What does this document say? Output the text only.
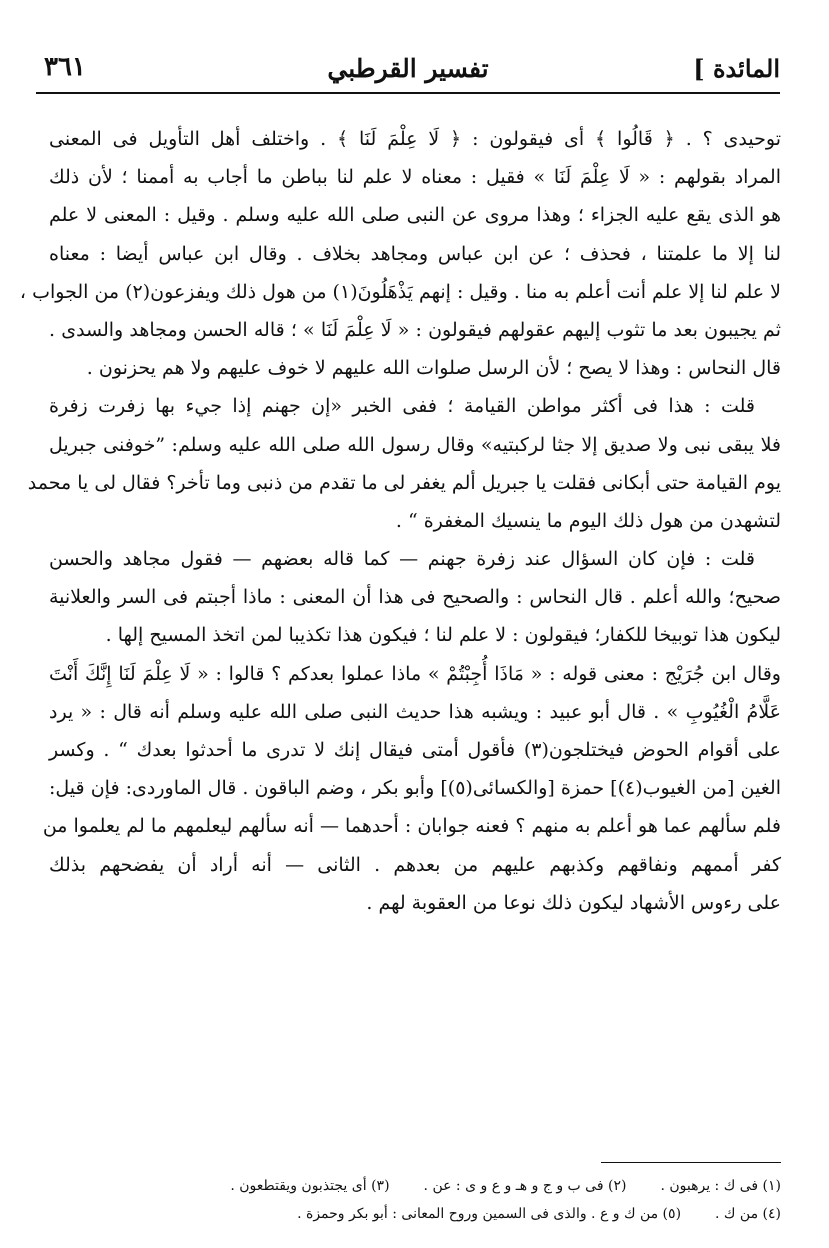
المائدة ]
تفسير القرطبي
٣٦١
توحيدى ؟ . ﴿ قَالُوا ﴾ أى فيقولون : ﴿ لَا عِلْمَ لَنَا ﴾ . واختلف أهل التأويل فى المعنى
المراد بقولهم : « لَا عِلْمَ لَنَا » فقيل : معناه لا علم لنا بباطن ما أجاب به أممنا ؛ لأن ذلك
هو الذى يقع عليه الجزاء ؛ وهذا مروى عن النبى صلى الله عليه وسلم . وقيل : المعنى لا علم
لنا إلا ما علمتنا ، فحذف ؛ عن ابن عباس ومجاهد بخلاف . وقال ابن عباس أيضا : معناه
لا علم لنا إلا علم أنت أعلم به منا . وقيل : إنهم يَذْهَلُونَ(١) من هول ذلك ويفزعون(٢) من الجواب ،
ثم يجيبون بعد ما تثوب إليهم عقولهم فيقولون : « لَا عِلْمَ لَنَا » ؛ قاله الحسن ومجاهد والسدى .
قال النحاس : وهذا لا يصح ؛ لأن الرسل صلوات الله عليهم لا خوف عليهم ولا هم يحزنون .
قلت : هذا فى أكثر مواطن القيامة ؛ ففى الخبر «إن جهنم إذا جيء بها زفرت زفرة
فلا يبقى نبى ولا صديق إلا جثا لركبتيه» وقال رسول الله صلى الله عليه وسلم: ”خوفنى جبريل
يوم القيامة حتى أبكانى فقلت يا جبريل ألم يغفر لى ما تقدم من ذنبى وما تأخر؟ فقال لى يا محمد
لتشهدن من هول ذلك اليوم ما ينسيك المغفرة “ .
قلت : فإن كان السؤال عند زفرة جهنم — كما قاله بعضهم — فقول مجاهد والحسن
صحيح؛ والله أعلم . قال النحاس : والصحيح فى هذا أن المعنى : ماذا أجبتم فى السر والعلانية
ليكون هذا توبيخا للكفار؛ فيقولون : لا علم لنا ؛ فيكون هذا تكذيبا لمن اتخذ المسيح إلها .
وقال ابن جُرَيْج : معنى قوله : « مَاذَا أُجِبْتُمْ » ماذا عملوا بعدكم ؟ قالوا : « لَا عِلْمَ لَنَا إِنَّكَ أَنْتَ
عَلَّامُ الْغُيُوبِ » . قال أبو عبيد : ويشبه هذا حديث النبى صلى الله عليه وسلم أنه قال : « يرد
على أقوام الحوض فيختلجون(٣) فأقول أمتى فيقال إنك لا تدرى ما أحدثوا بعدك “ . وكسر
الغين [من الغيوب(٤)] حمزة [والكسائى(٥)] وأبو بكر ، وضم الباقون . قال الماوردى: فإن قيل:
فلم سألهم عما هو أعلم به منهم ؟ فعنه جوابان : أحدهما — أنه سألهم ليعلمهم ما لم يعلموا من
كفر أممهم ونفاقهم وكذبهم عليهم من بعدهم . الثانى — أنه أراد أن يفضحهم بذلك
على رءوس الأشهاد ليكون ذلك نوعا من العقوبة لهم .
(١) فى ك : يرهبون .(٢) فى ب و ج و هـ و ع و ى : عن .(٣) أى يجتذبون ويقتطعون .
(٤) من ك .(٥) من ك و ع . والذى فى السمين وروح المعانى : أبو بكر وحمزة .
